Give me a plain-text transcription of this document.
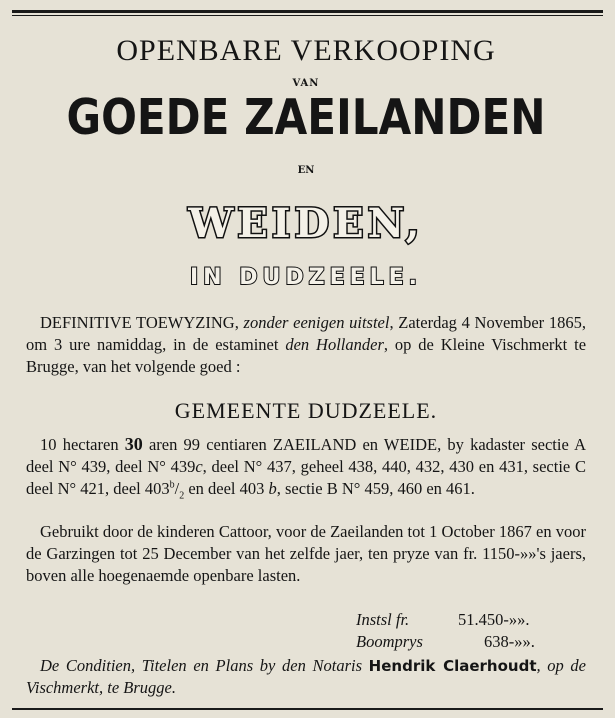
OPENBARE VERKOOPING
VAN
GOEDE ZAEILANDEN
EN
WEIDEN,
IN DUDZEELE.
DEFINITIVE TOEWYZING, zonder eenigen uitstel, Zaterdag 4 November 1865, om 3 ure namiddag, in de estaminet den Hollander, op de Kleine Vischmerkt te Brugge, van het volgende goed :
GEMEENTE DUDZEELE.
10 hectaren 30 aren 99 centiaren ZAEILAND en WEIDE, by kadaster sectie A deel N° 439, deel N° 439c, deel N° 437, geheel 438, 440, 432, 430 en 431, sectie C deel N° 421, deel $403^b/_2$ en deel 403 b, sectie B N° 459, 460 en 461.
Gebruikt door de kinderen Cattoor, voor de Zaeilanden tot 1 October 1867 en voor de Garzingen tot 25 December van het zelfde jaer, ten pryze van fr. 1150-»»'s jaers, boven alle hoegenaemde openbare lasten.
Instsl fr.	51.450-»».
Boomprys	638-»».
De Conditien, Titelen en Plans by den Notaris Hendrik Claerhoudt, op de Vischmerkt, te Brugge.
